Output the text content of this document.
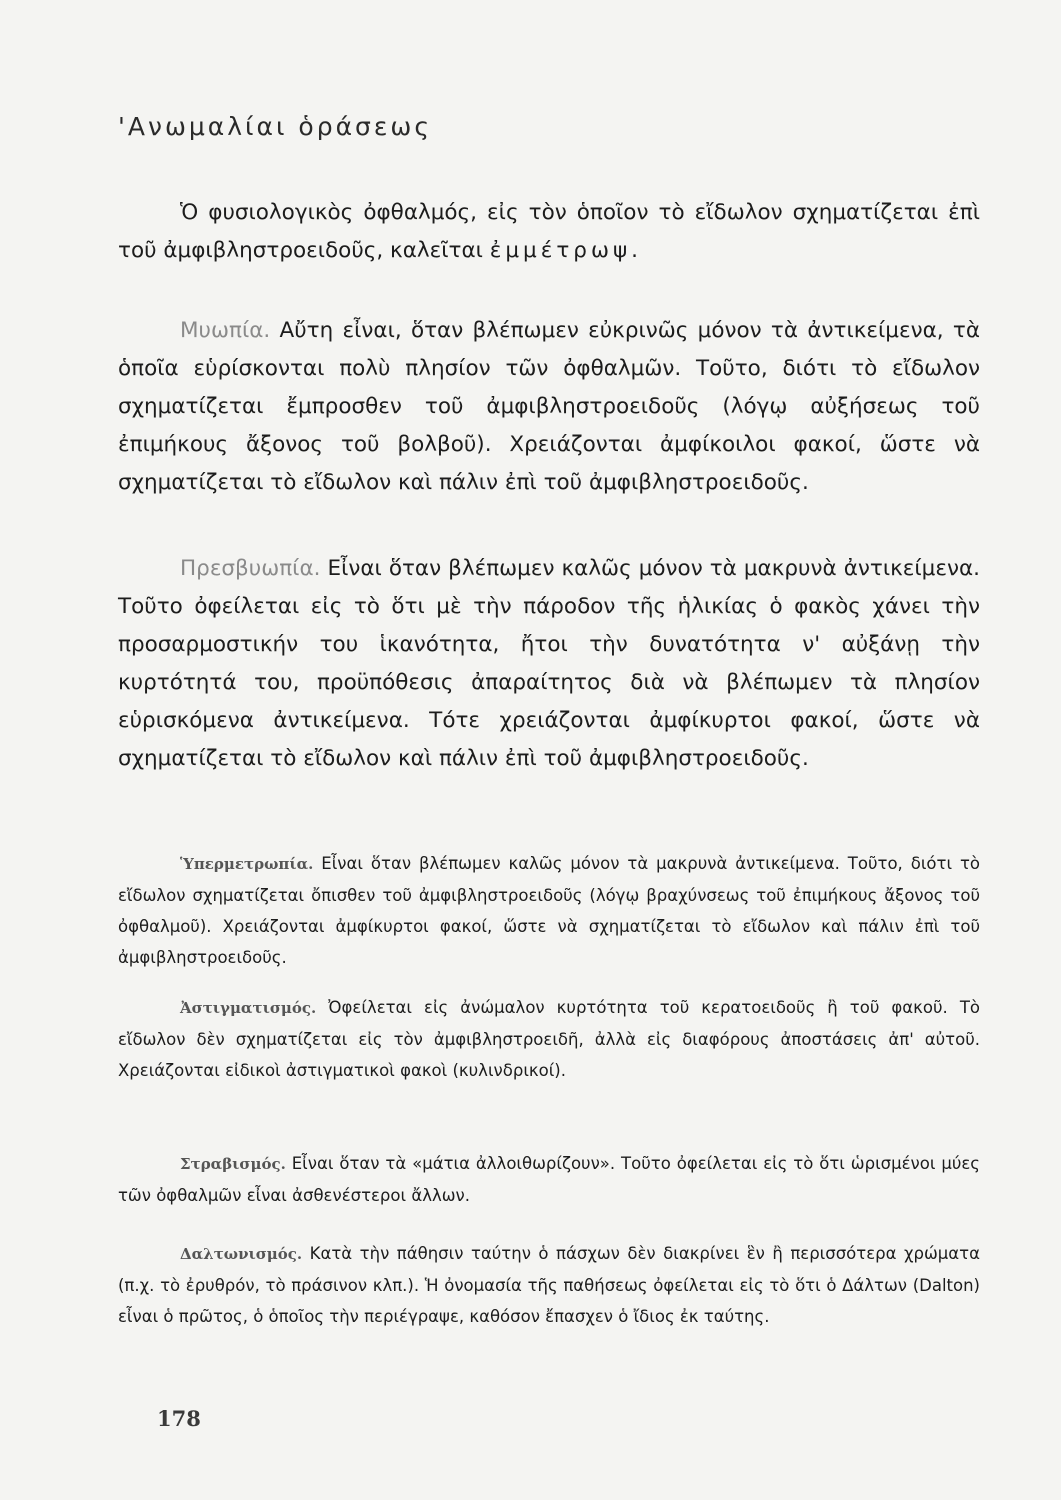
'Ανωμαλίαι ὁράσεως

Ὁ φυσιολογικὸς ὀφθαλμός, εἰς τὸν ὁποῖον τὸ εἴδωλον σχηματίζεται ἐπὶ τοῦ ἀμφιβληστροειδοῦς, καλεῖται ἐμμέτρωψ.

Μυωπία. Αὔτη εἶναι, ὅταν βλέπωμεν εὐκρινῶς μόνον τὰ ἀντικείμενα, τὰ ὁποῖα εὑρίσκονται πολὺ πλησίον τῶν ὀφθαλμῶν. Τοῦτο, διότι τὸ εἴδωλον σχηματίζεται ἔμπροσθεν τοῦ ἀμφιβληστροειδοῦς (λόγῳ αὐξήσεως τοῦ ἐπιμήκους ἄξονος τοῦ βολβοῦ). Χρειάζονται ἀμφίκοιλοι φακοί, ὥστε νὰ σχηματίζεται τὸ εἴδωλον καὶ πάλιν ἐπὶ τοῦ ἀμφιβληστροειδοῦς.

Πρεσβυωπία. Εἶναι ὅταν βλέπωμεν καλῶς μόνον τὰ μακρυνὰ ἀντικείμενα. Τοῦτο ὀφείλεται εἰς τὸ ὅτι μὲ τὴν πάροδον τῆς ἡλικίας ὁ φακὸς χάνει τὴν προσαρμοστικήν του ἱκανότητα, ἤτοι τὴν δυνατότητα ν' αὐξάνῃ τὴν κυρτότητά του, προϋπόθεσις ἀπαραίτητος διὰ νὰ βλέπωμεν τὰ πλησίον εὑρισκόμενα ἀντικείμενα. Τότε χρειάζονται ἀμφίκυρτοι φακοί, ὥστε νὰ σχηματίζεται τὸ εἴδωλον καὶ πάλιν ἐπὶ τοῦ ἀμφιβληστροειδοῦς.

Ὑπερμετρωπία. Εἶναι ὅταν βλέπωμεν καλῶς μόνον τὰ μακρυνὰ ἀντικείμενα. Τοῦτο, διότι τὸ εἴδωλον σχηματίζεται ὄπισθεν τοῦ ἀμφιβληστροειδοῦς (λόγῳ βραχύνσεως τοῦ ἐπιμήκους ἄξονος τοῦ ὀφθαλμοῦ). Χρειάζονται ἀμφίκυρτοι φακοί, ὥστε νὰ σχηματίζεται τὸ εἴδωλον καὶ πάλιν ἐπὶ τοῦ ἀμφιβληστροειδοῦς.

Ἀστιγματισμός. Ὀφείλεται εἰς ἀνώμαλον κυρτότητα τοῦ κερατοειδοῦς ἢ τοῦ φακοῦ. Τὸ εἴδωλον δὲν σχηματίζεται εἰς τὸν ἀμφιβληστροειδῆ, ἀλλὰ εἰς διαφόρους ἀποστάσεις ἀπ' αὐτοῦ. Χρειάζονται εἰδικοὶ ἀστιγματικοὶ φακοὶ (κυλινδρικοί).

Στραβισμός. Εἶναι ὅταν τὰ «μάτια ἀλλοιθωρίζουν». Τοῦτο ὀφείλεται εἰς τὸ ὅτι ὡρισμένοι μύες τῶν ὀφθαλμῶν εἶναι ἀσθενέστεροι ἄλλων.

Δαλτωνισμός. Κατὰ τὴν πάθησιν ταύτην ὁ πάσχων δὲν διακρίνει ἓν ἢ περισσότερα χρώματα (π.χ. τὸ ἐρυθρόν, τὸ πράσινον κλπ.). Ἡ ὀνομασία τῆς παθήσεως ὀφείλεται εἰς τὸ ὅτι ὁ Δάλτων (Dalton) εἶναι ὁ πρῶτος, ὁ ὁποῖος τὴν περιέγραψε, καθόσον ἔπασχεν ὁ ἴδιος ἐκ ταύτης.

178
